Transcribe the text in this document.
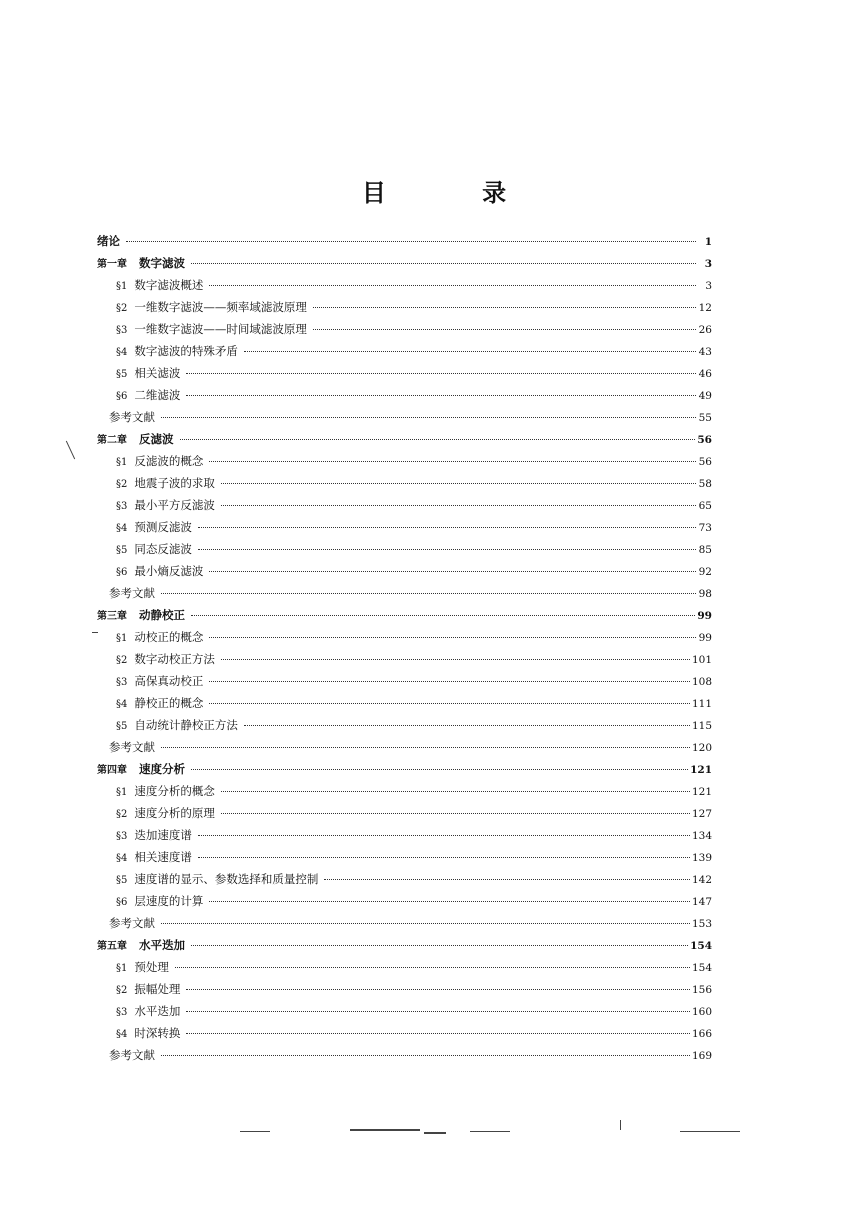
目 录
绪论	1
第一章 数字滤波	3
§1 数字滤波概述	3
§2 一维数字滤波——频率域滤波原理	12
§3 一维数字滤波——时间域滤波原理	26
§4 数字滤波的特殊矛盾	43
§5 相关滤波	46
§6 二维滤波	49
参考文献	55
第二章 反滤波	56
§1 反滤波的概念	56
§2 地震子波的求取	58
§3 最小平方反滤波	65
§4 预测反滤波	73
§5 同态反滤波	85
§6 最小熵反滤波	92
参考文献	98
第三章 动静校正	99
§1 动校正的概念	99
§2 数字动校正方法	101
§3 高保真动校正	108
§4 静校正的概念	111
§5 自动统计静校正方法	115
参考文献	120
第四章 速度分析	121
§1 速度分析的概念	121
§2 速度分析的原理	127
§3 迭加速度谱	134
§4 相关速度谱	139
§5 速度谱的显示、参数选择和质量控制	142
§6 层速度的计算	147
参考文献	153
第五章 水平迭加	154
§1 预处理	154
§2 振幅处理	156
§3 水平迭加	160
§4 时深转换	166
参考文献	169
